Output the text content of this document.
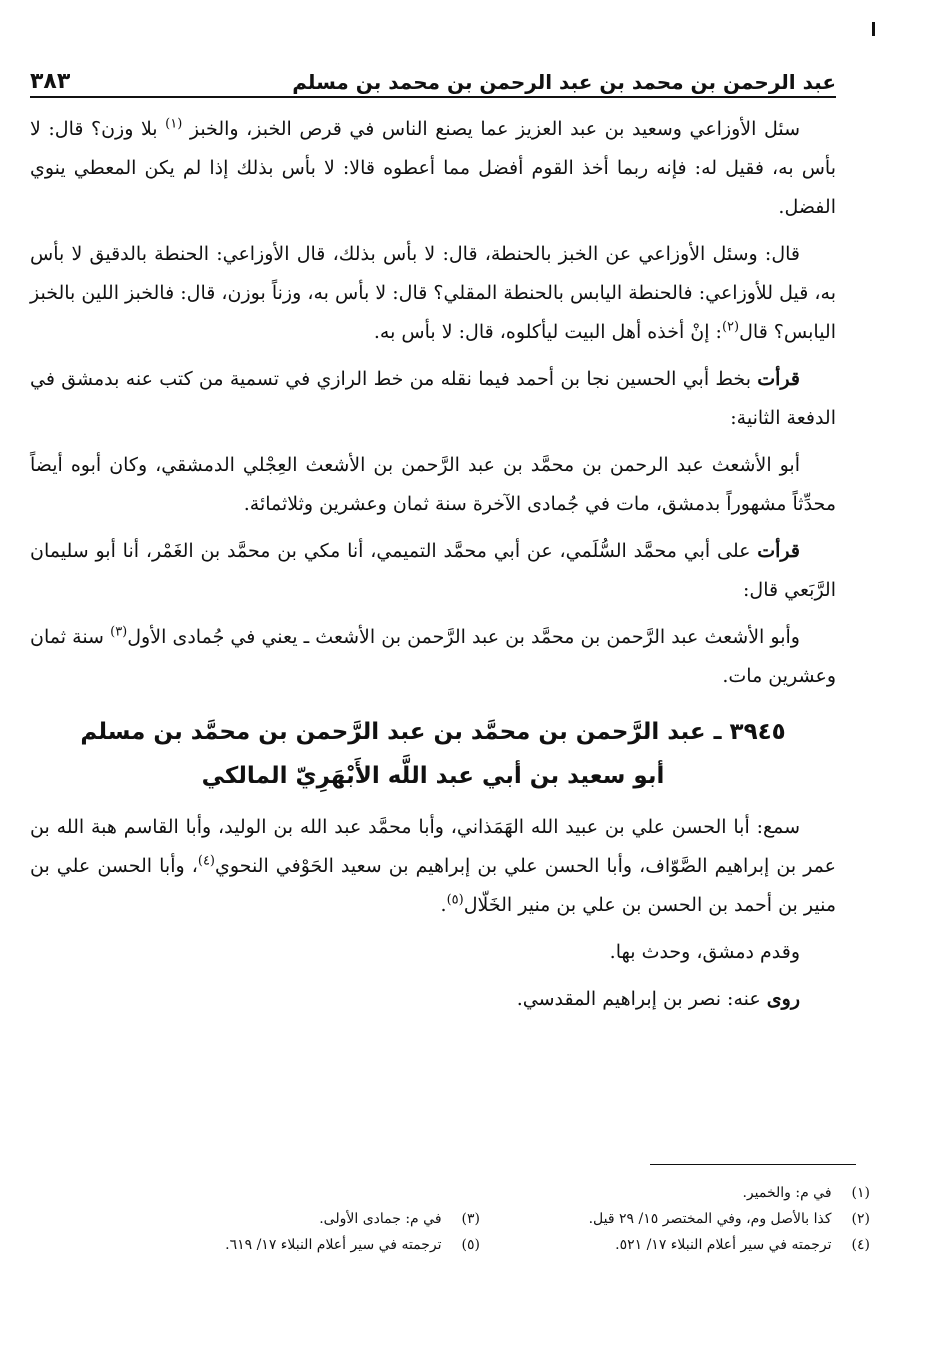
عبد الرحمن بن محمد بن عبد الرحمن بن محمد بن مسلم
٣٨٣

سئل الأوزاعي وسعيد بن عبد العزيز عما يصنع الناس في قرص الخبز، والخبز $^{(١)}$ بلا وزن؟ قال: لا بأس به، فقيل له: فإنه ربما أخذ القوم أفضل مما أعطوه قالا: لا بأس بذلك إذا لم يكن المعطي ينوي الفضل.

قال: وسئل الأوزاعي عن الخبز بالحنطة، قال: لا بأس بذلك، قال الأوزاعي: الحنطة بالدقيق لا بأس به، قيل للأوزاعي: فالحنطة اليابس بالحنطة المقلي؟ قال: لا بأس به، وزناً بوزن، قال: فالخبز اللين بالخبز اليابس؟ قال$^{(٢)}$: إنْ أخذه أهل البيت ليأكلوه، قال: لا بأس به.

قرأت بخط أبي الحسين نجا بن أحمد فيما نقله من خط الرازي في تسمية من كتب عنه بدمشق في الدفعة الثانية:

أبو الأشعث عبد الرحمن بن محمَّد بن عبد الرَّحمن بن الأشعث العِجْلي الدمشقي، وكان أبوه أيضاً محدِّثاً مشهوراً بدمشق، مات في جُمادى الآخرة سنة ثمان وعشرين وثلاثمائة.

قرأت على أبي محمَّد السُّلَمي، عن أبي محمَّد التميمي، أنا مكي بن محمَّد بن الغَمْر، أنا أبو سليمان الرَّبَعي قال:

وأبو الأشعث عبد الرَّحمن بن محمَّد بن عبد الرَّحمن بن الأشعث ـ يعني في جُمادى الأول$^{(٣)}$ سنة ثمان وعشرين مات.

٣٩٤٥ ـ عبد الرَّحمن بن محمَّد بن عبد الرَّحمن بن محمَّد بن مسلم
أبو سعيد بن أبي عبد اللَّه الأَبْهَرِيّ المالكي

سمع: أبا الحسن علي بن عبيد الله الهَمَذاني، وأبا محمَّد عبد الله بن الوليد، وأبا القاسم هبة الله بن عمر بن إبراهيم الصَّوّاف، وأبا الحسن علي بن إبراهيم بن سعيد الحَوْفي النحوي$^{(٤)}$، وأبا الحسن علي بن منير بن أحمد بن الحسن بن علي بن منير الخَلّال$^{(٥)}$.

وقدم دمشق، وحدث بها.

روى عنه: نصر بن إبراهيم المقدسي.

(١) في م: والخمير.
(٢) كذا بالأصل وم، وفي المختصر ١٥/ ٢٩ قيل.
(٣) في م: جمادى الأولى.
(٤) ترجمته في سير أعلام النبلاء ١٧/ ٥٢١.
(٥) ترجمته في سير أعلام النبلاء ١٧/ ٦١٩.
